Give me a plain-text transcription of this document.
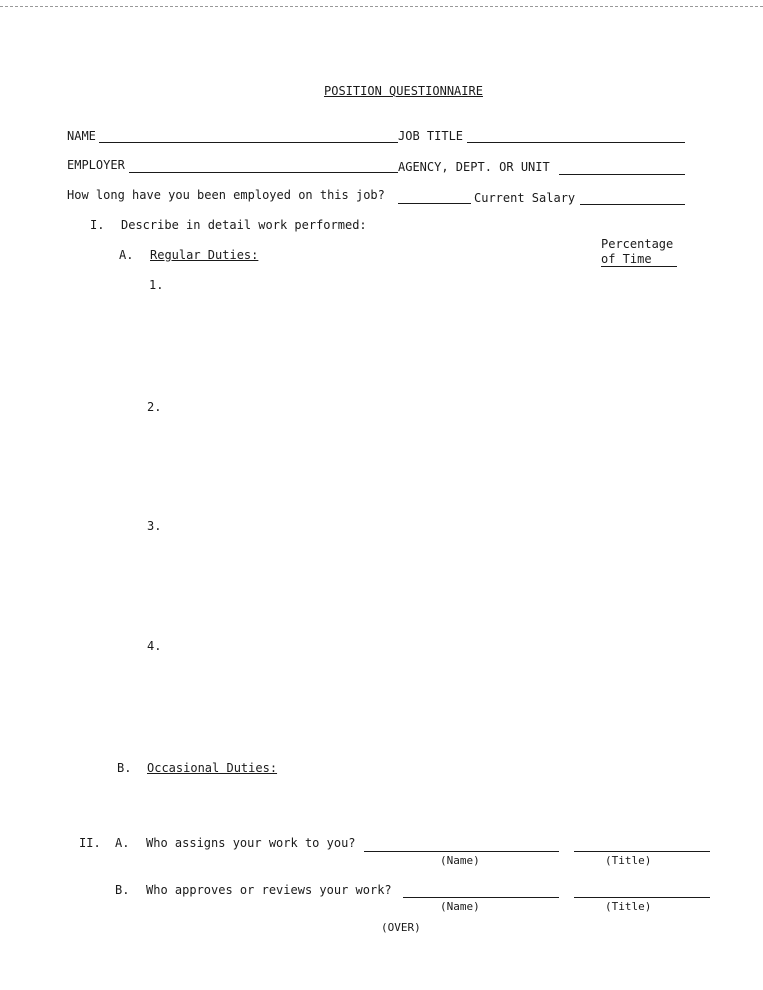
POSITION QUESTIONNAIRE
NAME	JOB TITLE
EMPLOYER	AGENCY, DEPT. OR UNIT
How long have you been employed on this job?	Current Salary
I. Describe in detail work performed:
Percentage
of Time
A. Regular Duties:
1.
2.
3.
4.
B. Occasional Duties:
II. A. Who assigns your work to you?
(Name)	(Title)
B. Who approves or reviews your work?
(Name)	(Title)
(OVER)
